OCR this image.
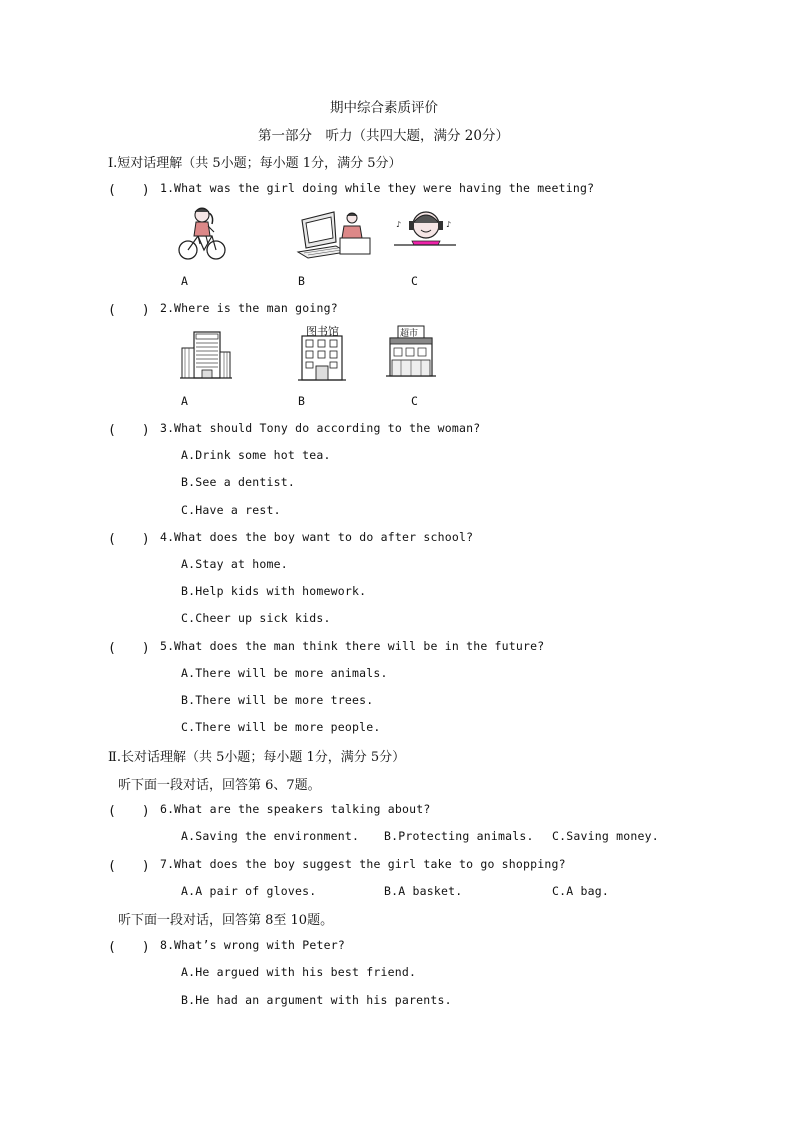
期中综合素质评价
第一部分　听力（共四大题，满分 20分）
Ⅰ.短对话理解（共 5小题；每小题 1分，满分 5分）
(　　) 1. What was the girl doing while they were having the meeting?
♪	♪
A	B	C
(　　) 2. Where is the man going?
图书馆	超市
A	B	C
(　　) 3. What should Tony do according to the woman?
A.Drink some hot tea.
B.See a dentist.
C.Have a rest.
(　　) 4. What does the boy want to do after school?
A.Stay at home.
B.Help kids with homework.
C.Cheer up sick kids.
(　　) 5. What does the man think there will be in the future?
A.There will be more animals.
B.There will be more trees.
C.There will be more people.
Ⅱ.长对话理解（共 5小题；每小题 1分，满分 5分）
听下面一段对话，回答第 6、7题。
(　　) 6. What are the speakers talking about?
A.Saving the environment. B.Protecting animals. C.Saving money.
(　　) 7. What does the boy suggest the girl take to go shopping?
A.A pair of gloves.	B.A basket.	C.A bag.
听下面一段对话，回答第 8至 10题。
(　　) 8. What’s wrong with Peter?
A.He argued with his best friend.
B.He had an argument with his parents.
